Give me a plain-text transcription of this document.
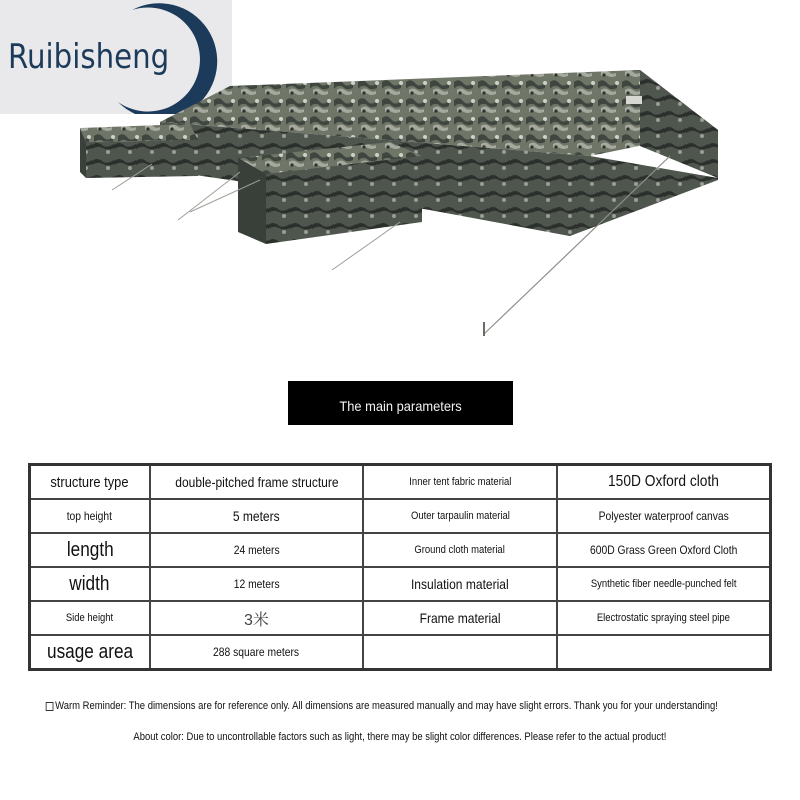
Ruibisheng
The main parameters
structure type	double-pitched frame structure	Inner tent fabric material	150D Oxford cloth
top height	5 meters	Outer tarpaulin material	Polyester waterproof canvas
length	24 meters	Ground cloth material	600D Grass Green Oxford Cloth
width	12 meters	Insulation material	Synthetic fiber needle-punched felt
Side height	3米	Frame material	Electrostatic spraying steel pipe
usage area	288 square meters		
Warm Reminder: The dimensions are for reference only. All dimensions are measured manually and may have slight errors. Thank you for your understanding!
About color: Due to uncontrollable factors such as light, there may be slight color differences. Please refer to the actual product!
